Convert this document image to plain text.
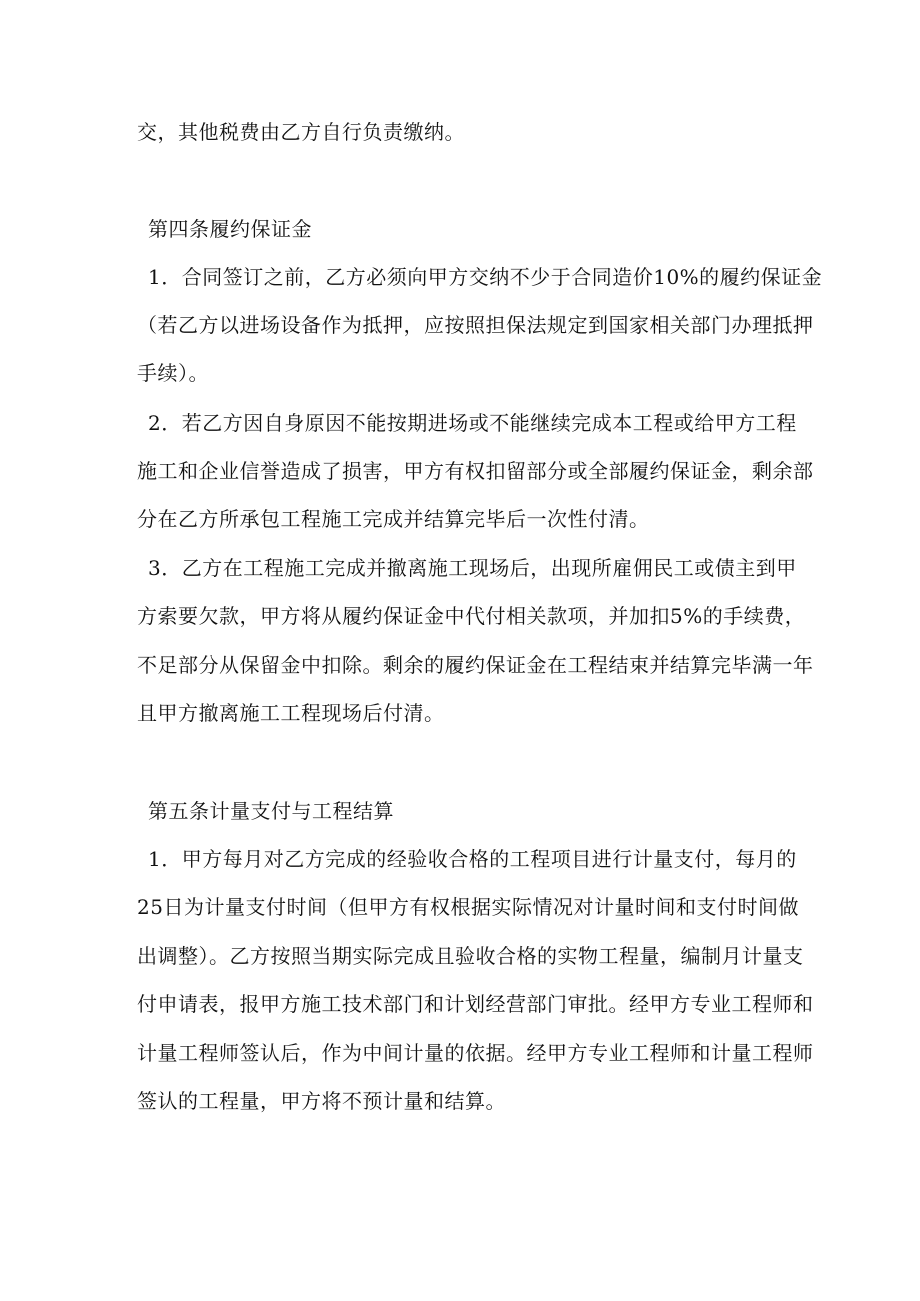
交，其他税费由乙方自行负责缴纳。
第四条履约保证金
1．合同签订之前，乙方必须向甲方交纳不少于合同造价10%的履约保证金
（若乙方以进场设备作为抵押，应按照担保法规定到国家相关部门办理抵押
手续）。
2．若乙方因自身原因不能按期进场或不能继续完成本工程或给甲方工程
施工和企业信誉造成了损害，甲方有权扣留部分或全部履约保证金，剩余部
分在乙方所承包工程施工完成并结算完毕后一次性付清。
3．乙方在工程施工完成并撤离施工现场后，出现所雇佣民工或债主到甲
方索要欠款，甲方将从履约保证金中代付相关款项，并加扣5%的手续费，
不足部分从保留金中扣除。剩余的履约保证金在工程结束并结算完毕满一年
且甲方撤离施工工程现场后付清。
第五条计量支付与工程结算
1．甲方每月对乙方完成的经验收合格的工程项目进行计量支付，每月的
25日为计量支付时间（但甲方有权根据实际情况对计量时间和支付时间做
出调整）。乙方按照当期实际完成且验收合格的实物工程量，编制月计量支
付申请表，报甲方施工技术部门和计划经营部门审批。经甲方专业工程师和
计量工程师签认后，作为中间计量的依据。经甲方专业工程师和计量工程师
签认的工程量，甲方将不预计量和结算。
